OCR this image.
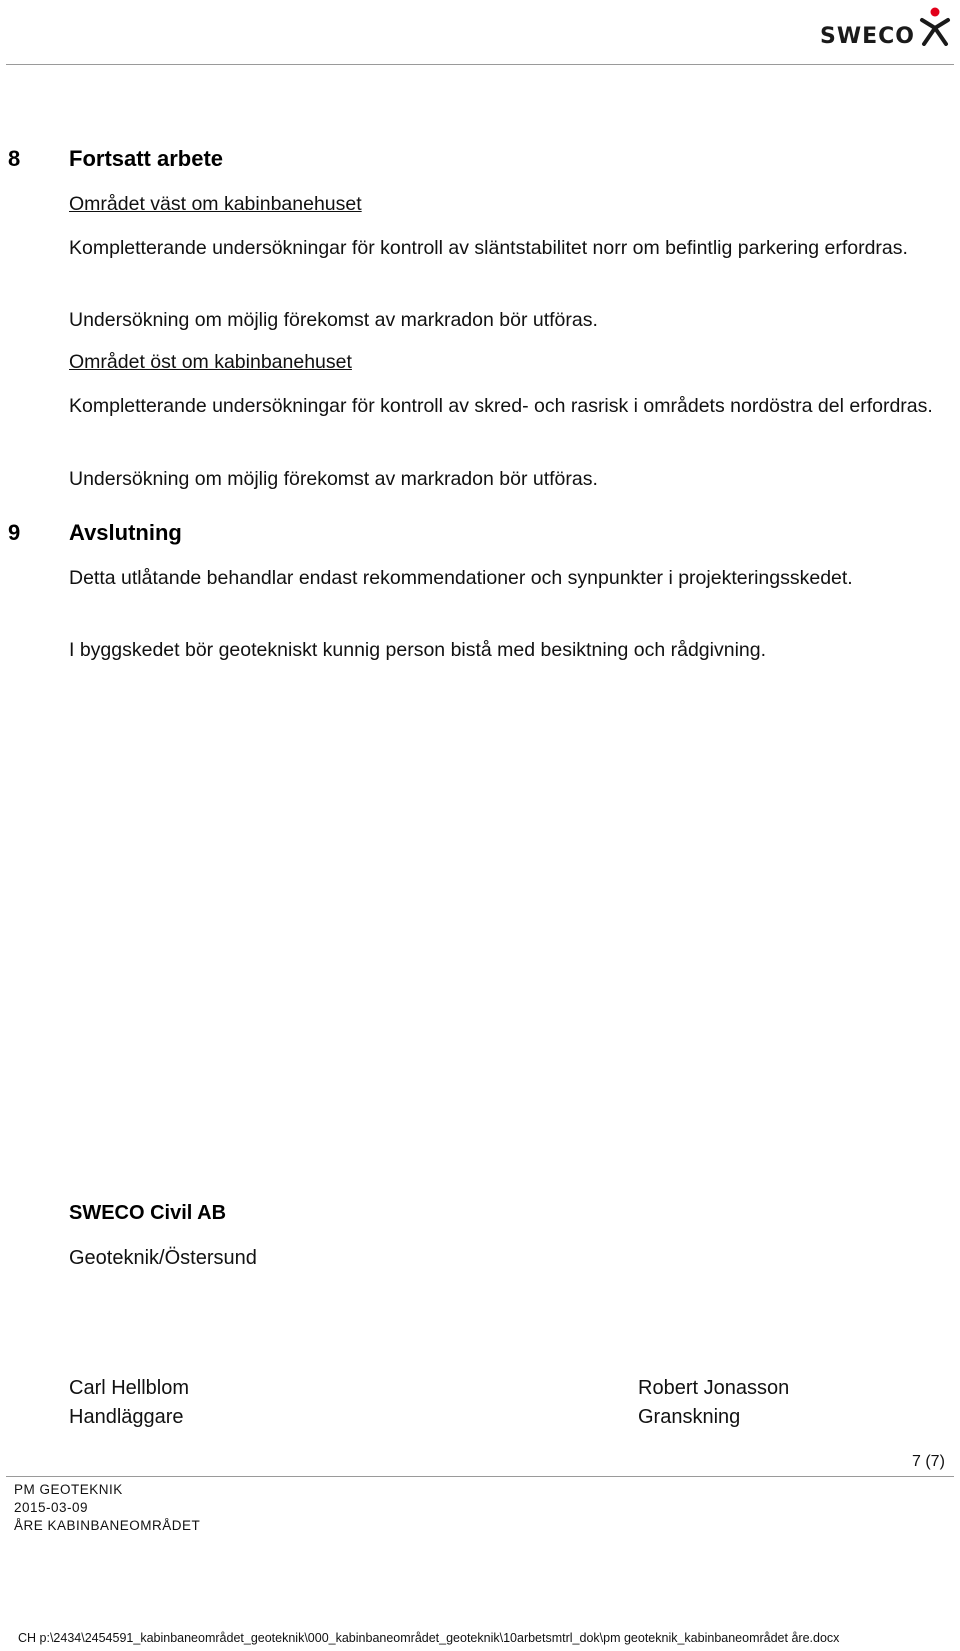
SWECO
8 Fortsatt arbete
Området väst om kabinbanehuset
Kompletterande undersökningar för kontroll av släntstabilitet norr om befintlig parkering erfordras.
Undersökning om möjlig förekomst av markradon bör utföras.
Området öst om kabinbanehuset
Kompletterande undersökningar för kontroll av skred- och rasrisk i områdets nordöstra del erfordras.
Undersökning om möjlig förekomst av markradon bör utföras.
9 Avslutning
Detta utlåtande behandlar endast rekommendationer och synpunkter i projekteringsskedet.
I byggskedet bör geotekniskt kunnig person bistå med besiktning och rådgivning.
SWECO Civil AB
Geoteknik/Östersund
Carl Hellblom
Handläggare
Robert Jonasson
Granskning
7 (7)
PM GEOTEKNIK
2015-03-09
ÅRE KABINBANEOMRÅDET
CH p:\2434\2454591_kabinbaneområdet_geoteknik\000_kabinbaneområdet_geoteknik\10arbetsmtrl_dok\pm geoteknik_kabinbaneområdet åre.docx
